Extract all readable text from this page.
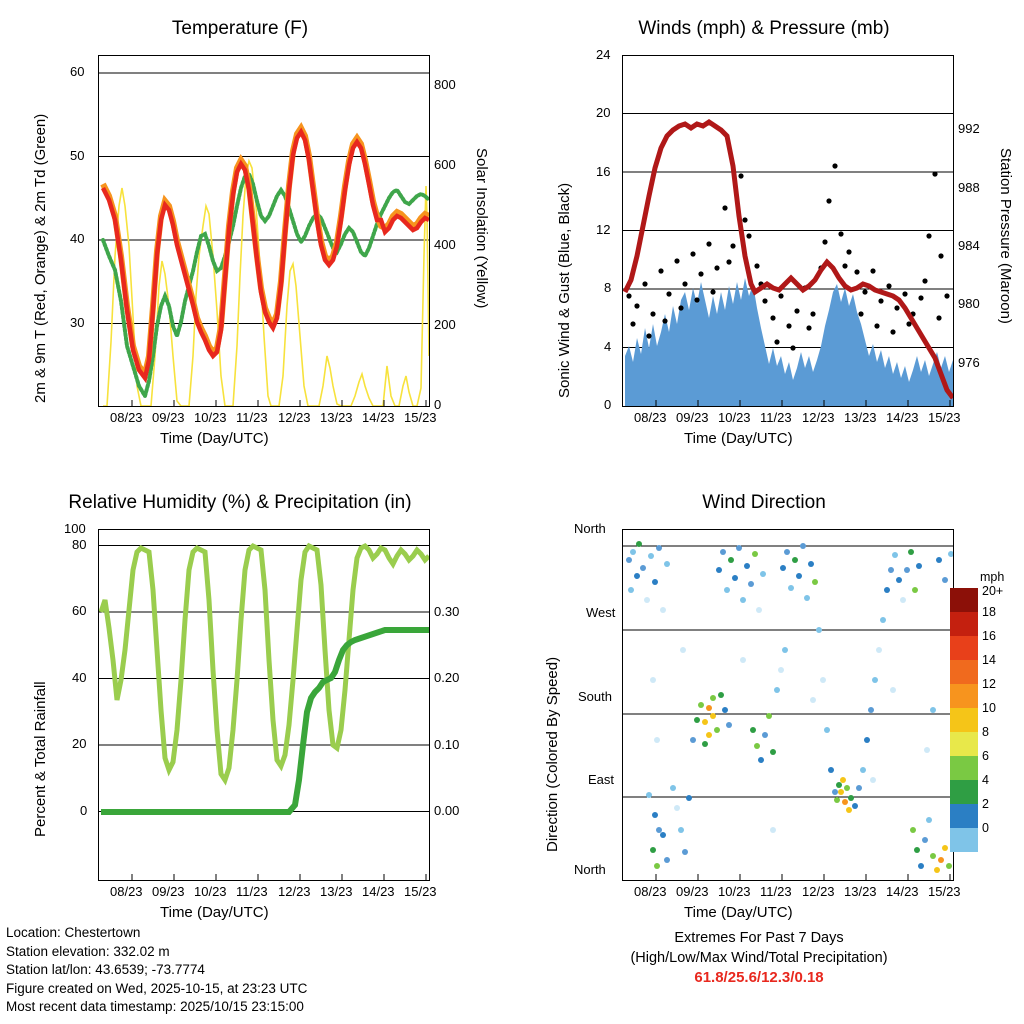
Temperature (F)
30
40
50
60
0
200
400
600
800
08/23 09/23 10/23 11/23 12/23 13/23 14/23 15/23
Time (Day/UTC)
2m & 9m T (Red, Orange) & 2m Td (Green)	Solar Insolation (Yellow)
Winds (mph) & Pressure (mb)
0
4
8
12
16
20
24
976
980
984
988
992
08/23 09/23 10/23 11/23 12/23 13/23 14/23 15/23
Time (Day/UTC)
Sonic Wind & Gust (Blue, Black)	Station Pressure (Maroon)
Relative Humidity (%) & Precipitation (in)
0
20
40
60
80
100
0.00
0.10
0.20
0.30
08/23 09/23 10/23 11/23 12/23 13/23 14/23 15/23
Time (Day/UTC)
Percent & Total Rainfall
Wind Direction
North
West
South
East
North
08/23 09/23 10/23 11/23 12/23 13/23 14/23 15/23
Time (Day/UTC)
Direction (Colored By Speed)
mph
20+
18
16
14
12
10
8
6
4
2
0
Location: Chestertown
Station elevation: 332.02 m
Station lat/lon: 43.6539; -73.7774
Figure created on Wed, 2025-10-15, at 23:23 UTC
Most recent data timestamp: 2025/10/15 23:15:00
Extremes For Past 7 Days
(High/Low/Max Wind/Total Precipitation)
61.8/25.6/12.3/0.18
